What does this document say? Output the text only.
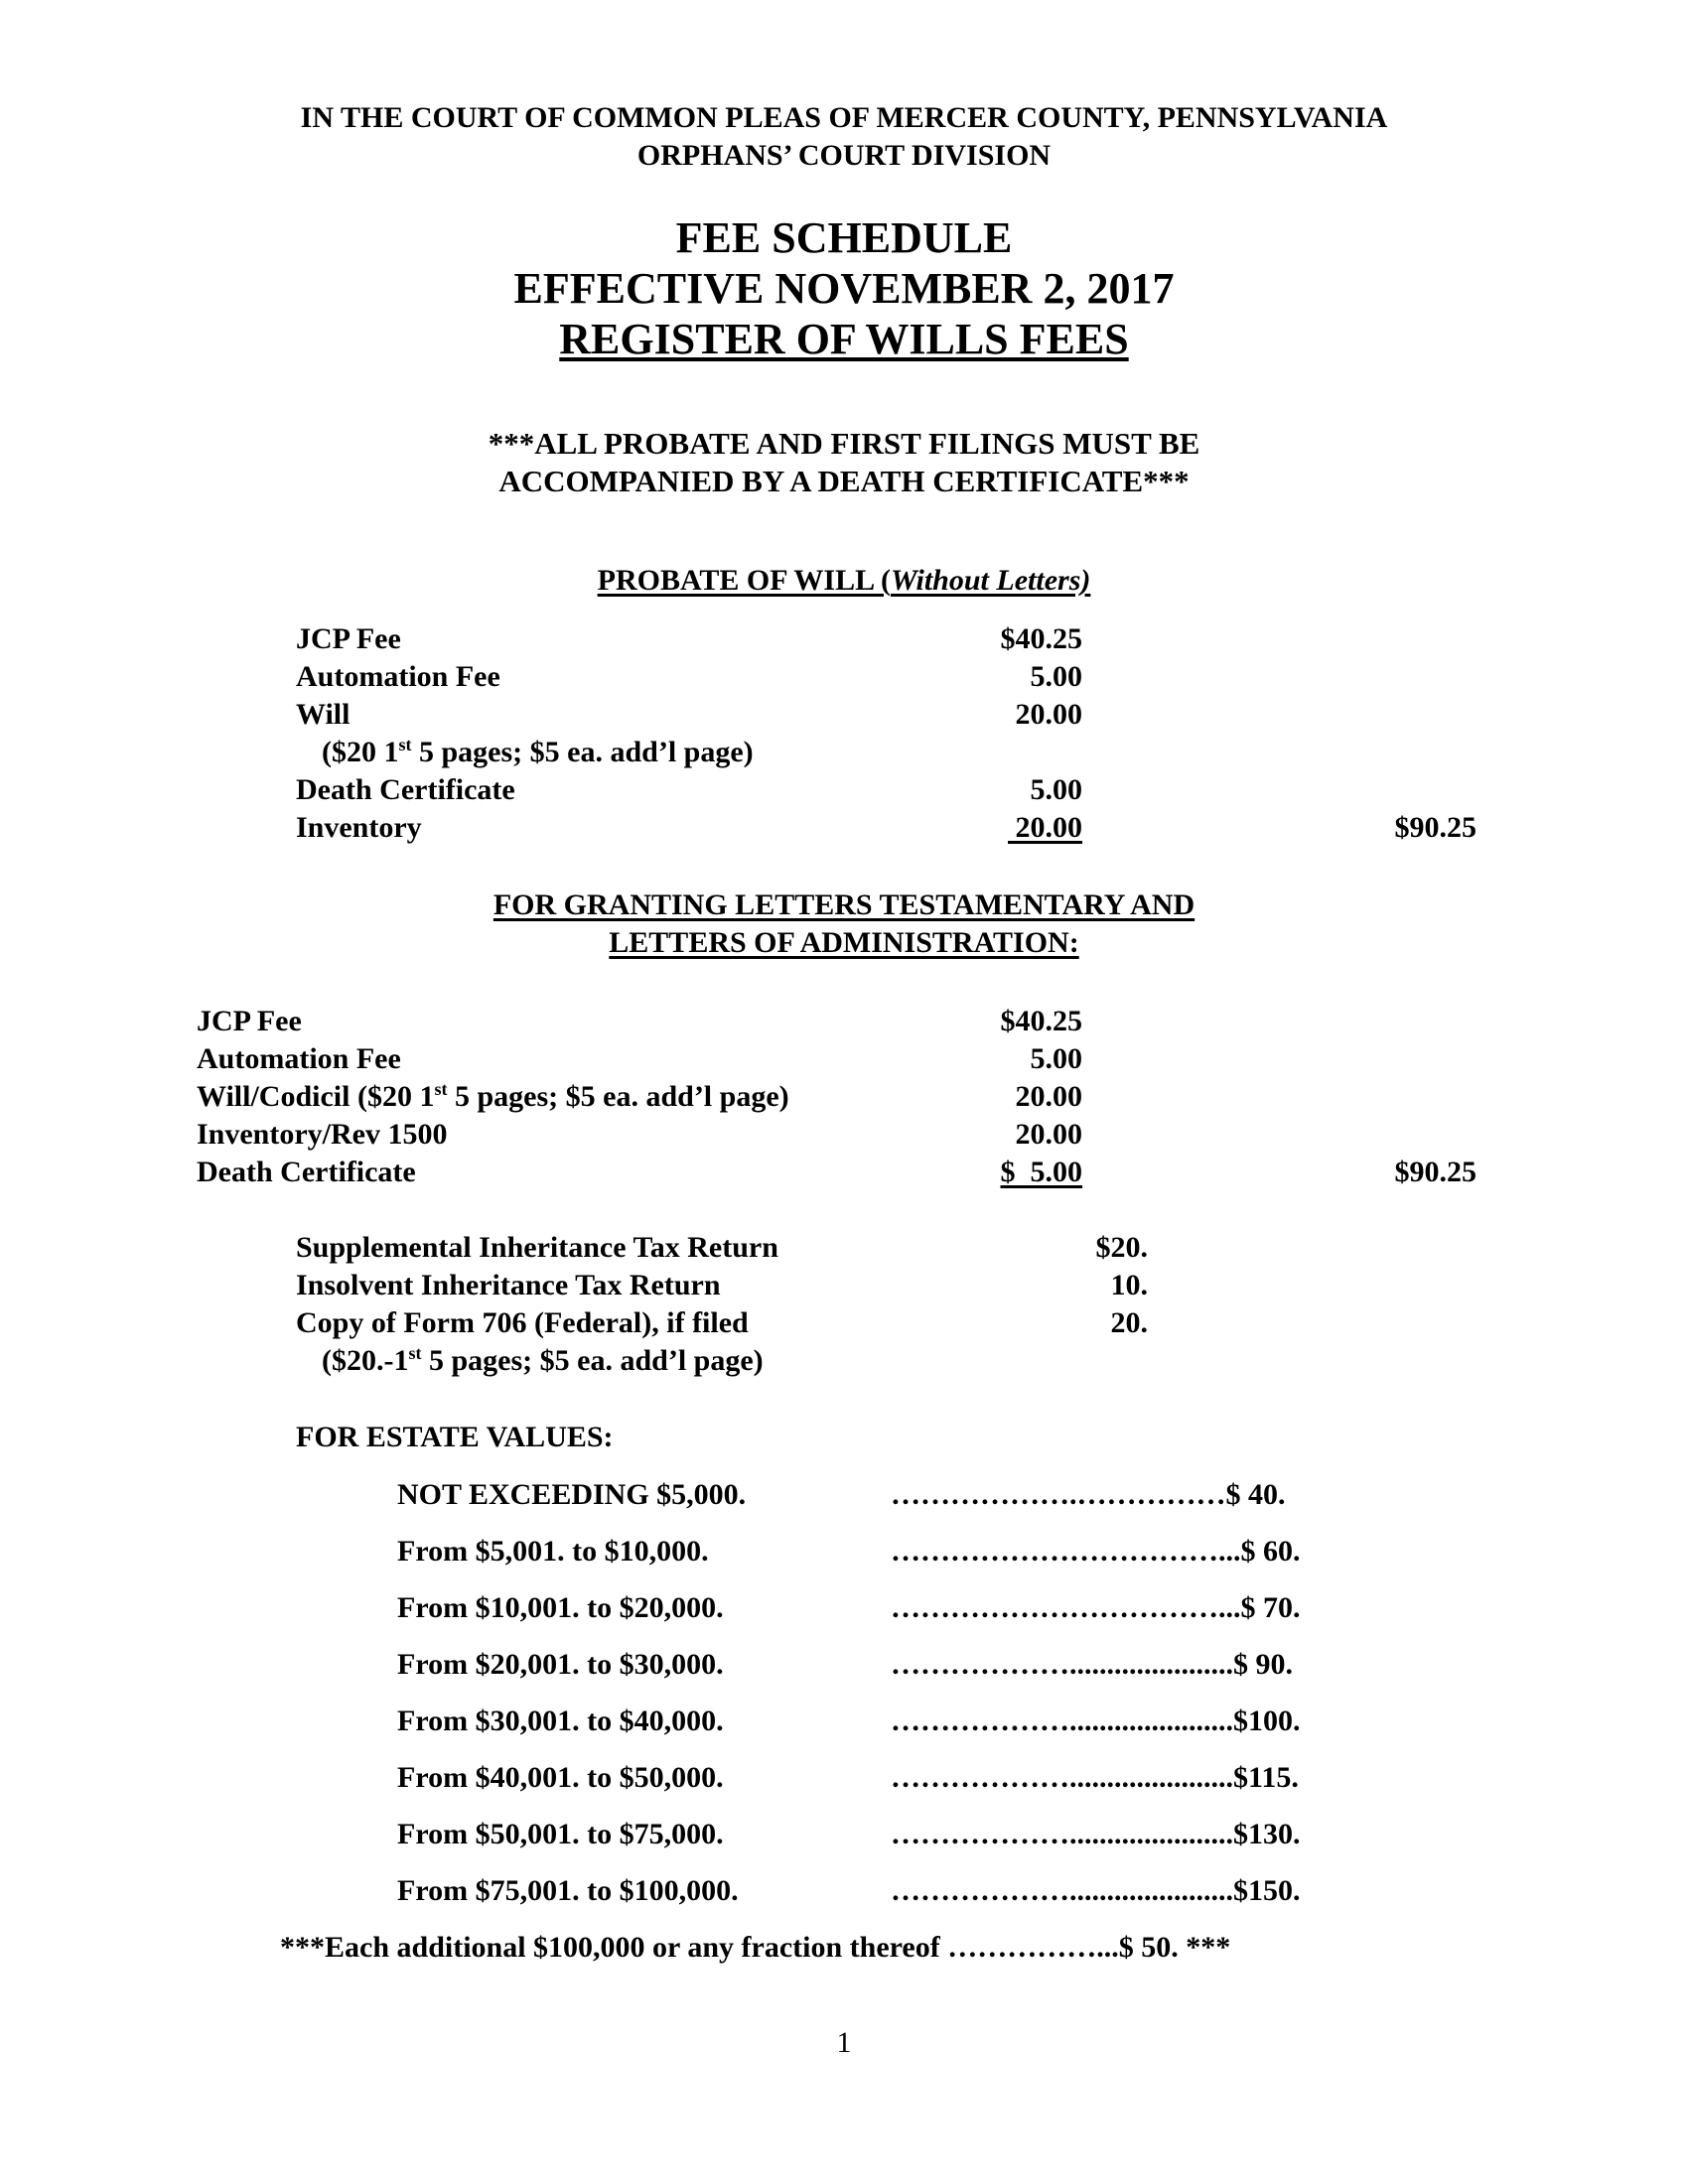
IN THE COURT OF COMMON PLEAS OF MERCER COUNTY, PENNSYLVANIA
ORPHANS’ COURT DIVISION
FEE SCHEDULE
EFFECTIVE NOVEMBER 2, 2017
REGISTER OF WILLS FEES
***ALL PROBATE AND FIRST FILINGS MUST BE
ACCOMPANIED BY A DEATH CERTIFICATE***
PROBATE OF WILL (Without Letters)
JCP Fee	$40.25
Automation Fee	5.00
Will	20.00
($20 1st 5 pages; $5 ea. add’l page)
Death Certificate	5.00
Inventory	20.00	$90.25
FOR GRANTING LETTERS TESTAMENTARY AND
LETTERS OF ADMINISTRATION:
JCP Fee	$40.25
Automation Fee	5.00
Will/Codicil ($20 1st 5 pages; $5 ea. add’l page)	20.00
Inventory/Rev 1500	20.00
Death Certificate	$ 5.00	$90.25
Supplemental Inheritance Tax Return	$20.
Insolvent Inheritance Tax Return	10.
Copy of Form 706 (Federal), if filed	20.
($20.-1st 5 pages; $5 ea. add’l page)
FOR ESTATE VALUES:
NOT EXCEEDING $5,000.	……………….……………$ 40.
From $5,001. to $10,000.	……………………………...$ 60.
From $10,001. to $20,000.	……………………………...$ 70.
From $20,001. to $30,000.	………………......................$ 90.
From $30,001. to $40,000.	………………......................$100.
From $40,001. to $50,000.	………………......................$115.
From $50,001. to $75,000.	………………......................$130.
From $75,001. to $100,000.	………………......................$150.
***Each additional $100,000 or any fraction thereof ……………...$ 50. ***
1
